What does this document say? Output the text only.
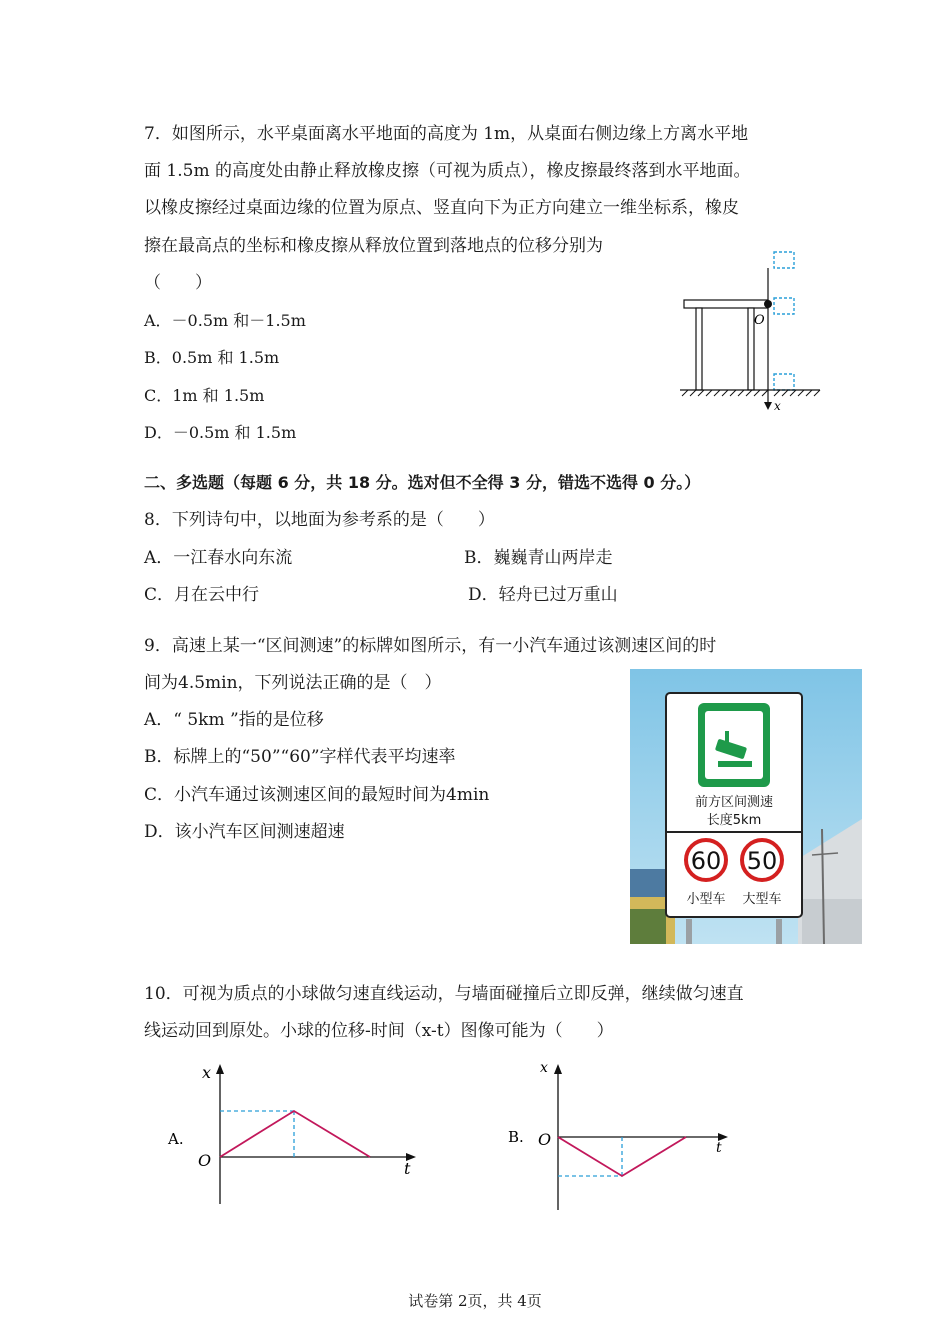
7．如图所示，水平桌面离水平地面的高度为 1m，从桌面右侧边缘上方离水平地
面 1.5m 的高度处由静止释放橡皮擦（可视为质点），橡皮擦最终落到水平地面。
以橡皮擦经过桌面边缘的位置为原点、竖直向下为正方向建立一维坐标系，橡皮
擦在最高点的坐标和橡皮擦从释放位置到落地点的位移分别为
（　　）
A．－0.5m 和－1.5m
B．0.5m 和 1.5m
C．1m 和 1.5m
D．－0.5m 和 1.5m
O
x
二、多选题（每题 6 分，共 18 分。选对但不全得 3 分，错选不选得 0 分。）
8．下列诗句中，以地面为参考系的是（　　）
A．一江春水向东流	B．巍巍青山两岸走
C．月在云中行	D．轻舟已过万重山
9．高速上某一“区间测速”的标牌如图所示，有一小汽车通过该测速区间的时
间为4.5min，下列说法正确的是（　）
A．“ 5km ”指的是位移
B．标牌上的“50”“60”字样代表平均速率
C．小汽车通过该测速区间的最短时间为4min
D．该小汽车区间测速超速
前方区间测速
长度5km
60 50
小型车 大型车
10．可视为质点的小球做匀速直线运动，与墙面碰撞后立即反弹，继续做匀速直
线运动回到原处。小球的位移-时间（x-t）图像可能为（　　）
A.
x
t
O
B.
x
t
O
试卷第 2页，共 4页
